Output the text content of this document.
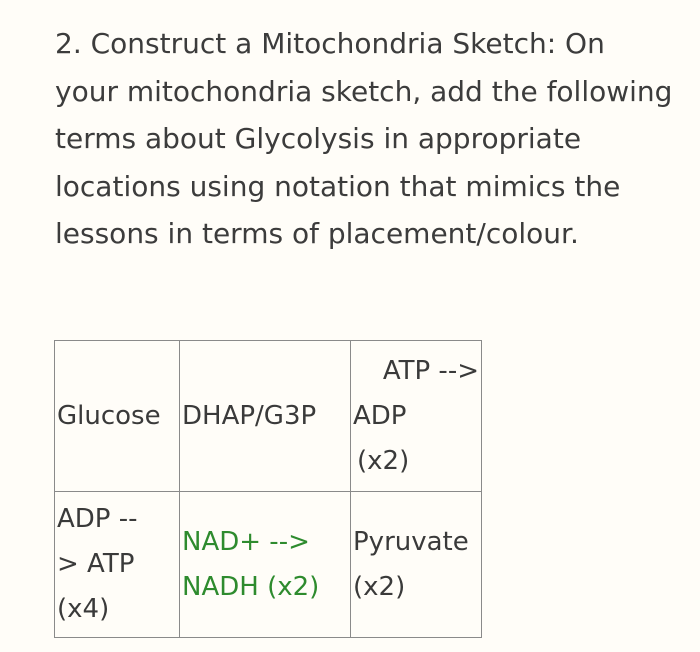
2. Construct a Mitochondria Sketch: On your mitochondria sketch, add the following terms about Glycolysis in appropriate locations using notation that mimics the lessons in terms of placement/colour.

Glucose	DHAP/G3P	ATP -->
ADP
(x2)

ADP --
> ATP
(x4)	NAD+ -->
NADH (x2)	Pyruvate
(x2)
